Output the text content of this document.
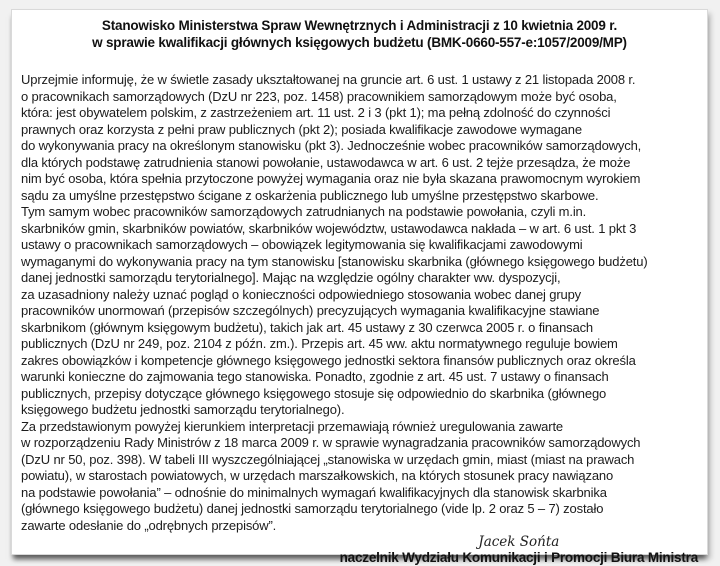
Stanowisko Ministerstwa Spraw Wewnętrznych i Administracji z 10 kwietnia 2009 r.
w sprawie kwalifikacji głównych księgowych budżetu (BMK-0660-557-e:1057/2009/MP)
Uprzejmie informuję, że w świetle zasady ukształtowanej na gruncie art. 6 ust. 1 ustawy z 21 listopada 2008 r.
o pracownikach samorządowych (DzU nr 223, poz. 1458) pracownikiem samorządowym może być osoba,
która: jest obywatelem polskim, z zastrzeżeniem art. 11 ust. 2 i 3 (pkt 1); ma pełną zdolność do czynności
prawnych oraz korzysta z pełni praw publicznych (pkt 2); posiada kwalifikacje zawodowe wymagane
do wykonywania pracy na określonym stanowisku (pkt 3). Jednocześnie wobec pracowników samorządowych,
dla których podstawę zatrudnienia stanowi powołanie, ustawodawca w art. 6 ust. 2 tejże przesądza, że może
nim być osoba, która spełnia przytoczone powyżej wymagania oraz nie była skazana prawomocnym wyrokiem
sądu za umyślne przestępstwo ścigane z oskarżenia publicznego lub umyślne przestępstwo skarbowe.
Tym samym wobec pracowników samorządowych zatrudnianych na podstawie powołania, czyli m.in.
skarbników gmin, skarbników powiatów, skarbników województw, ustawodawca nakłada – w art. 6 ust. 1 pkt 3
ustawy o pracownikach samorządowych – obowiązek legitymowania się kwalifikacjami zawodowymi
wymaganymi do wykonywania pracy na tym stanowisku [stanowisku skarbnika (głównego księgowego budżetu)
danej jednostki samorządu terytorialnego]. Mając na względzie ogólny charakter ww. dyspozycji,
za uzasadniony należy uznać pogląd o konieczności odpowiedniego stosowania wobec danej grupy
pracowników unormowań (przepisów szczególnych) precyzujących wymagania kwalifikacyjne stawiane
skarbnikom (głównym księgowym budżetu), takich jak art. 45 ustawy z 30 czerwca 2005 r. o finansach
publicznych (DzU nr 249, poz. 2104 z późn. zm.). Przepis art. 45 ww. aktu normatywnego reguluje bowiem
zakres obowiązków i kompetencje głównego księgowego jednostki sektora finansów publicznych oraz określa
warunki konieczne do zajmowania tego stanowiska. Ponadto, zgodnie z art. 45 ust. 7 ustawy o finansach
publicznych, przepisy dotyczące głównego księgowego stosuje się odpowiednio do skarbnika (głównego
księgowego budżetu jednostki samorządu terytorialnego).
Za przedstawionym powyżej kierunkiem interpretacji przemawiają również uregulowania zawarte
w rozporządzeniu Rady Ministrów z 18 marca 2009 r. w sprawie wynagradzania pracowników samorządowych
(DzU nr 50, poz. 398). W tabeli III wyszczególniającej „stanowiska w urzędach gmin, miast (miast na prawach
powiatu), w starostach powiatowych, w urzędach marszałkowskich, na których stosunek pracy nawiązano
na podstawie powołania” – odnośnie do minimalnych wymagań kwalifikacyjnych dla stanowisk skarbnika
(głównego księgowego budżetu) danej jednostki samorządu terytorialnego (vide lp. 2 oraz 5 – 7) zostało
zawarte odesłanie do „odrębnych przepisów”.
Jacek Sońta
naczelnik Wydziału Komunikacji i Promocji Biura Ministra
